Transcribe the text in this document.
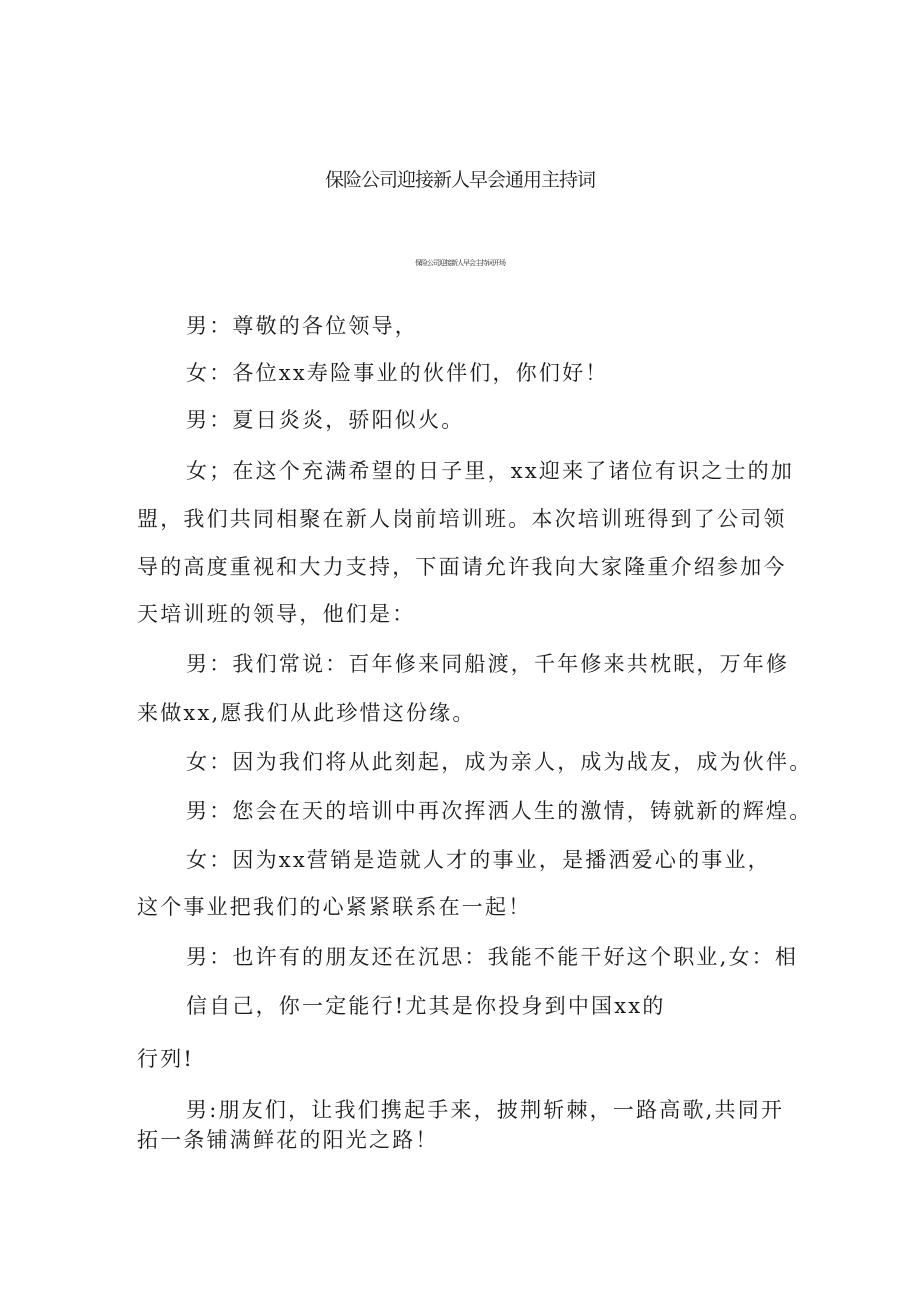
保险公司迎接新人早会通用主持词
保险公司迎接新人早会主持词开场
男：尊敬的各位领导，
女：各位xx寿险事业的伙伴们，你们好！
男：夏日炎炎，骄阳似火。
女；在这个充满希望的日子里，xx迎来了诸位有识之士的加
盟，我们共同相聚在新人岗前培训班。本次培训班得到了公司领
导的高度重视和大力支持，下面请允许我向大家隆重介绍参加今
天培训班的领导，他们是：
男：我们常说：百年修来同船渡，千年修来共枕眠，万年修
来做xx,愿我们从此珍惜这份缘。
女：因为我们将从此刻起，成为亲人，成为战友，成为伙伴。
男：您会在天的培训中再次挥洒人生的激情，铸就新的辉煌。
女：因为xx营销是造就人才的事业，是播洒爱心的事业，
这个事业把我们的心紧紧联系在一起！
男：也许有的朋友还在沉思：我能不能干好这个职业,女：相
信自己，你一定能行!尤其是你投身到中国xx的
行列!
男:朋友们，让我们携起手来，披荆斩棘，一路高歌,共同开
拓一条铺满鲜花的阳光之路！
